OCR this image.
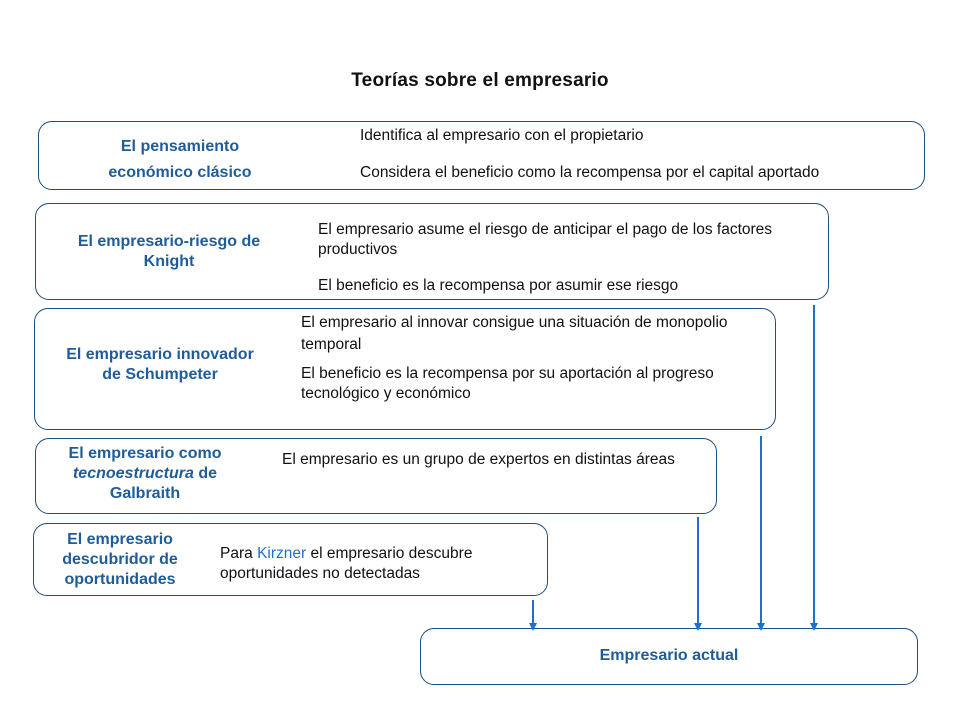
Teorías sobre el empresario
El pensamiento
económico clásico
Identifica al empresario con el propietario
Considera el beneficio como la recompensa por el capital aportado
El empresario-riesgo de
Knight
El empresario asume el riesgo de anticipar el pago de los factores productivos
El beneficio es la recompensa por asumir ese riesgo
El empresario innovador
de Schumpeter
El empresario al innovar consigue una situación de monopolio temporal
El beneficio es la recompensa por su aportación al progreso tecnológico y económico
El empresario como
tecnoestructura de
Galbraith
El empresario es un grupo de expertos en distintas áreas
El empresario
descubridor de
oportunidades
Para Kirzner el empresario descubre oportunidades no detectadas
Empresario actual
